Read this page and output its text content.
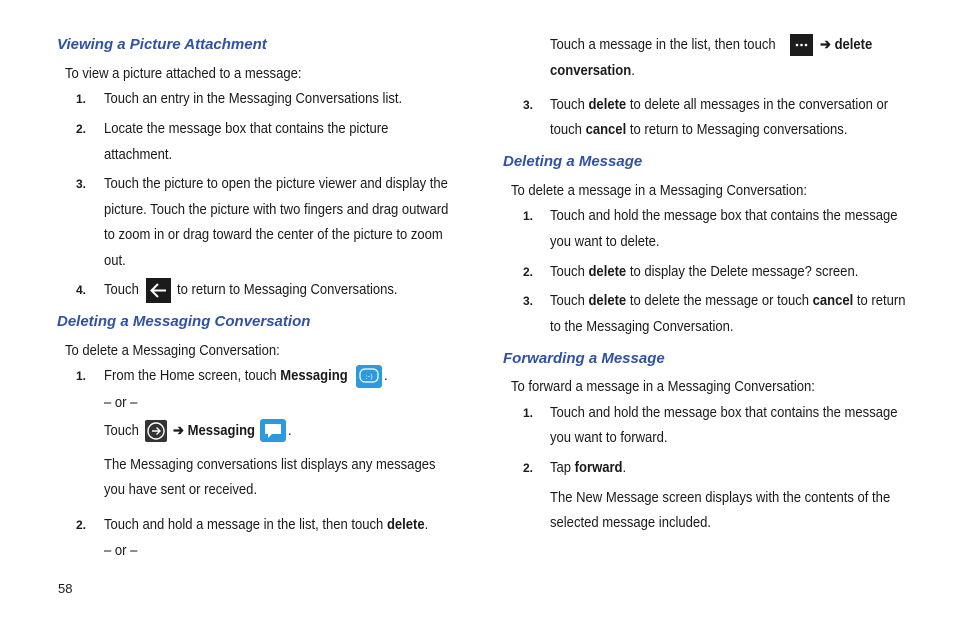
Viewing a Picture Attachment
To view a picture attached to a message:
1. Touch an entry in the Messaging Conversations list.
2. Locate the message box that contains the picture
attachment.
3. Touch the picture to open the picture viewer and display the
picture. Touch the picture with two fingers and drag outward
to zoom in or drag toward the center of the picture to zoom
out.
4. Touch	to return to Messaging Conversations.
Deleting a Messaging Conversation
To delete a Messaging Conversation:
1. From the Home screen, touch Messaging :-) .
– or –
Touch ➔ Messaging .
The Messaging conversations list displays any messages
you have sent or received.
2. Touch and hold a message in the list, then touch delete.
– or –
58
Touch a message in the list, then touch	➔ delete
conversation.
3. Touch delete to delete all messages in the conversation or
touch cancel to return to Messaging conversations.
Deleting a Message
To delete a message in a Messaging Conversation:
1. Touch and hold the message box that contains the message
you want to delete.
2. Touch delete to display the Delete message? screen.
3. Touch delete to delete the message or touch cancel to return
to the Messaging Conversation.
Forwarding a Message
To forward a message in a Messaging Conversation:
1. Touch and hold the message box that contains the message
you want to forward.
2. Tap forward.
The New Message screen displays with the contents of the
selected message included.
